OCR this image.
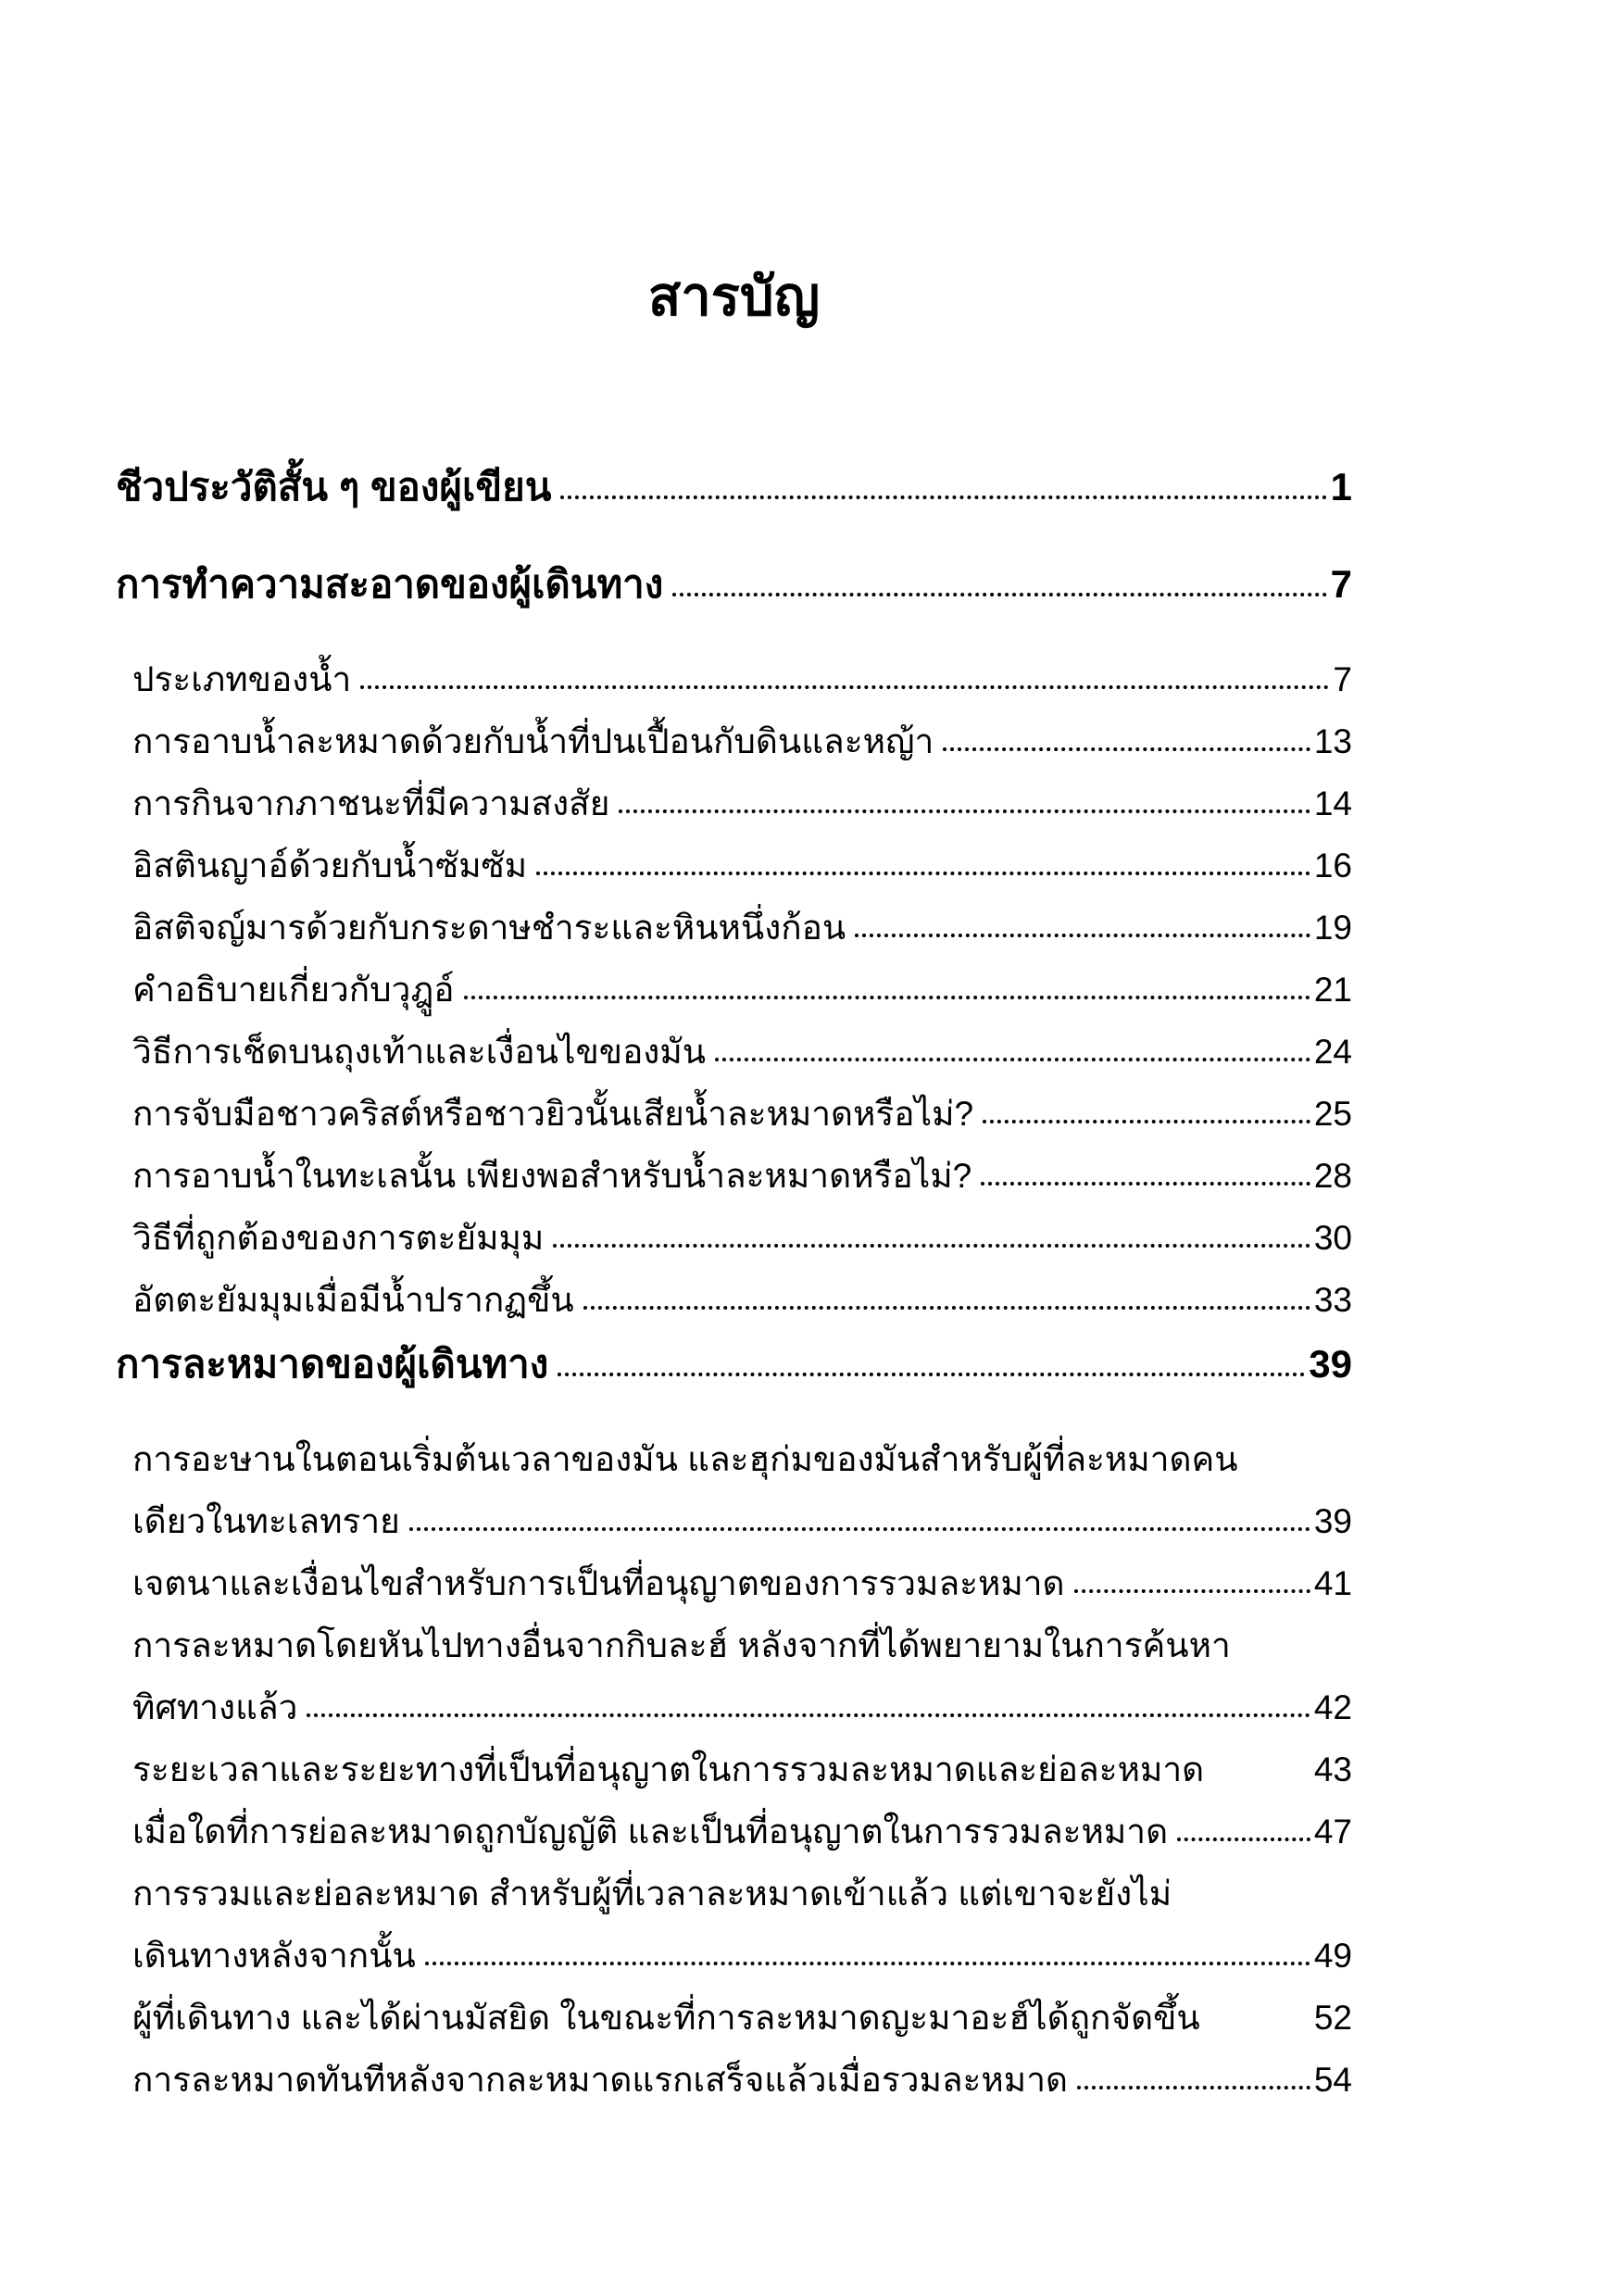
สารบัญ
ชีวประวัติสั้น ๆ ของผู้เขียน	1
การทำความสะอาดของผู้เดินทาง	7
ประเภทของน้ำ	7
การอาบน้ำละหมาดด้วยกับน้ำที่ปนเปื้อนกับดินและหญ้า	13
การกินจากภาชนะที่มีความสงสัย	14
อิสตินญาอ์ด้วยกับน้ำซัมซัม	16
อิสติจญ์มารด้วยกับกระดาษชำระและหินหนึ่งก้อน	19
คำอธิบายเกี่ยวกับวุฎูอ์	21
วิธีการเช็ดบนถุงเท้าและเงื่อนไขของมัน	24
การจับมือชาวคริสต์หรือชาวยิวนั้นเสียน้ำละหมาดหรือไม่?	25
การอาบน้ำในทะเลนั้น เพียงพอสำหรับน้ำละหมาดหรือไม่?	28
วิธีที่ถูกต้องของการตะยัมมุม	30
อัตตะยัมมุมเมื่อมีน้ำปรากฏขึ้น	33
การละหมาดของผู้เดินทาง	39
การอะษานในตอนเริ่มต้นเวลาของมัน และฮุก่มของมันสำหรับผู้ที่ละหมาดคน
เดียวในทะเลทราย	39
เจตนาและเงื่อนไขสำหรับการเป็นที่อนุญาตของการรวมละหมาด	41
การละหมาดโดยหันไปทางอื่นจากกิบละฮ์ หลังจากที่ได้พยายามในการค้นหา
ทิศทางแล้ว	42
ระยะเวลาและระยะทางที่เป็นที่อนุญาตในการรวมละหมาดและย่อละหมาด	43
เมื่อใดที่การย่อละหมาดถูกบัญญัติ และเป็นที่อนุญาตในการรวมละหมาด	47
การรวมและย่อละหมาด สำหรับผู้ที่เวลาละหมาดเข้าแล้ว แต่เขาจะยังไม่
เดินทางหลังจากนั้น	49
ผู้ที่เดินทาง และได้ผ่านมัสยิด ในขณะที่การละหมาดญะมาอะฮ์ได้ถูกจัดขึ้น	52
การละหมาดทันทีหลังจากละหมาดแรกเสร็จแล้วเมื่อรวมละหมาด	54
